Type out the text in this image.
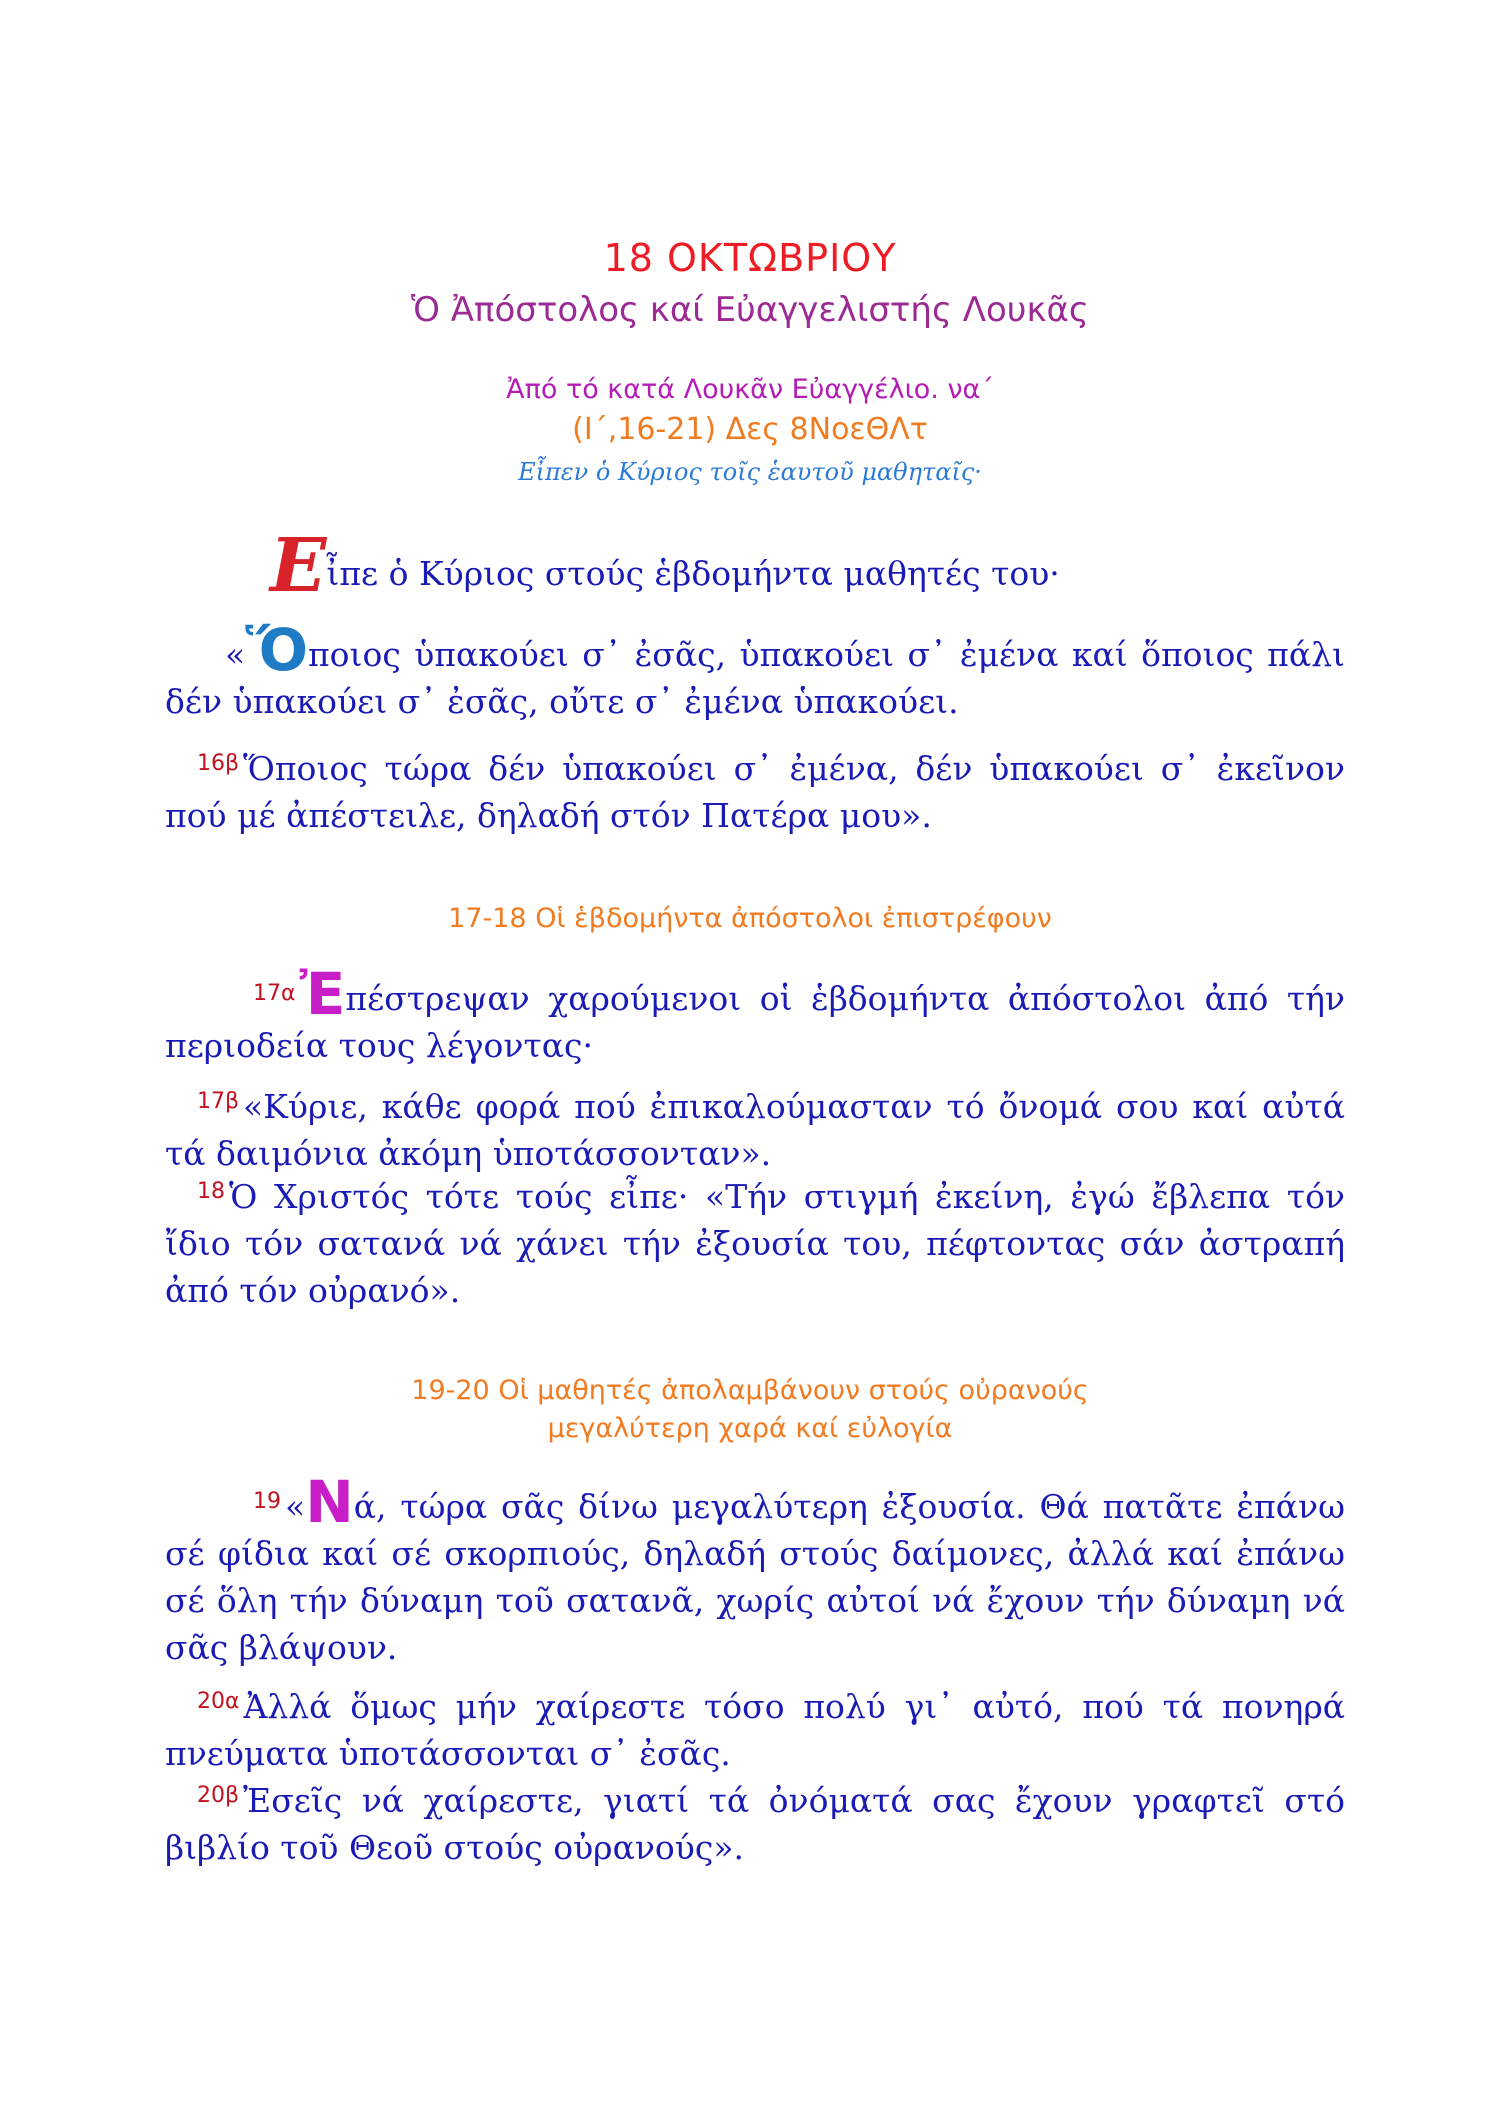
18 ΟΚΤΩΒΡΙΟΥ
Ὁ Ἀπόστολος καί Εὐαγγελιστής Λουκᾶς
Ἀπό τό κατά Λουκᾶν Εὐαγγέλιο. να΄
(Ι΄,16-21) Δες 8ΝοεΘΛτ
Εἶπεν ὁ Κύριος τοῖς ἑαυτοῦ μαθηταῖς·
Εἶπε ὁ Κύριος στούς ἑβδομήντα μαθητές του·
«Ὅποιος ὑπακούει σ᾿ ἐσᾶς, ὑπακούει σ᾿ ἐμένα καί ὅποιος πάλι δέν ὑπακούει σ᾿ ἐσᾶς, οὔτε σ᾿ ἐμένα ὑπακούει.
$^{16\beta}$ Ὅποιος τώρα δέν ὑπακούει σ᾿ ἐμένα, δέν ὑπακούει σ᾿ ἐκεῖνον πού μέ ἀπέστειλε, δηλαδή στόν Πατέρα μου».
17-18 Οἱ ἑβδομήντα ἀπόστολοι ἐπιστρέφουν
$^{17\alpha}$Ἐπέστρεψαν χαρούμενοι οἱ ἑβδομήντα ἀπόστολοι ἀπό τήν περιοδεία τους λέγοντας·
$^{17\beta}$ «Κύριε, κάθε φορά πού ἐπικαλούμασταν τό ὄνομά σου καί αὐτά τά δαιμόνια ἀκόμη ὑποτάσσονταν».
$^{18}$ Ὁ Χριστός τότε τούς εἶπε· «Τήν στιγμή ἐκείνη, ἐγώ ἔβλεπα τόν ἴδιο τόν σατανά νά χάνει τήν ἐξουσία του, πέφτοντας σάν ἀστραπή ἀπό τόν οὐρανό».
19-20 Οἱ μαθητές ἀπολαμβάνουν στούς οὐρανούς
μεγαλύτερη χαρά καί εὐλογία
$^{19}$ «Νά, τώρα σᾶς δίνω μεγαλύτερη ἐξουσία. Θά πατᾶτε ἐπάνω σέ φίδια καί σέ σκορπιούς, δηλαδή στούς δαίμονες, ἀλλά καί ἐπάνω σέ ὅλη τήν δύναμη τοῦ σατανᾶ, χωρίς αὐτοί νά ἔχουν τήν δύναμη νά σᾶς βλάψουν.
$^{20\alpha}$ Ἀλλά ὅμως μήν χαίρεστε τόσο πολύ γι᾿ αὐτό, πού τά πονηρά πνεύματα ὑποτάσσονται σ᾿ ἐσᾶς.
$^{20\beta}$ Ἐσεῖς νά χαίρεστε, γιατί τά ὀνόματά σας ἔχουν γραφτεῖ στό βιβλίο τοῦ Θεοῦ στούς οὐρανούς».
